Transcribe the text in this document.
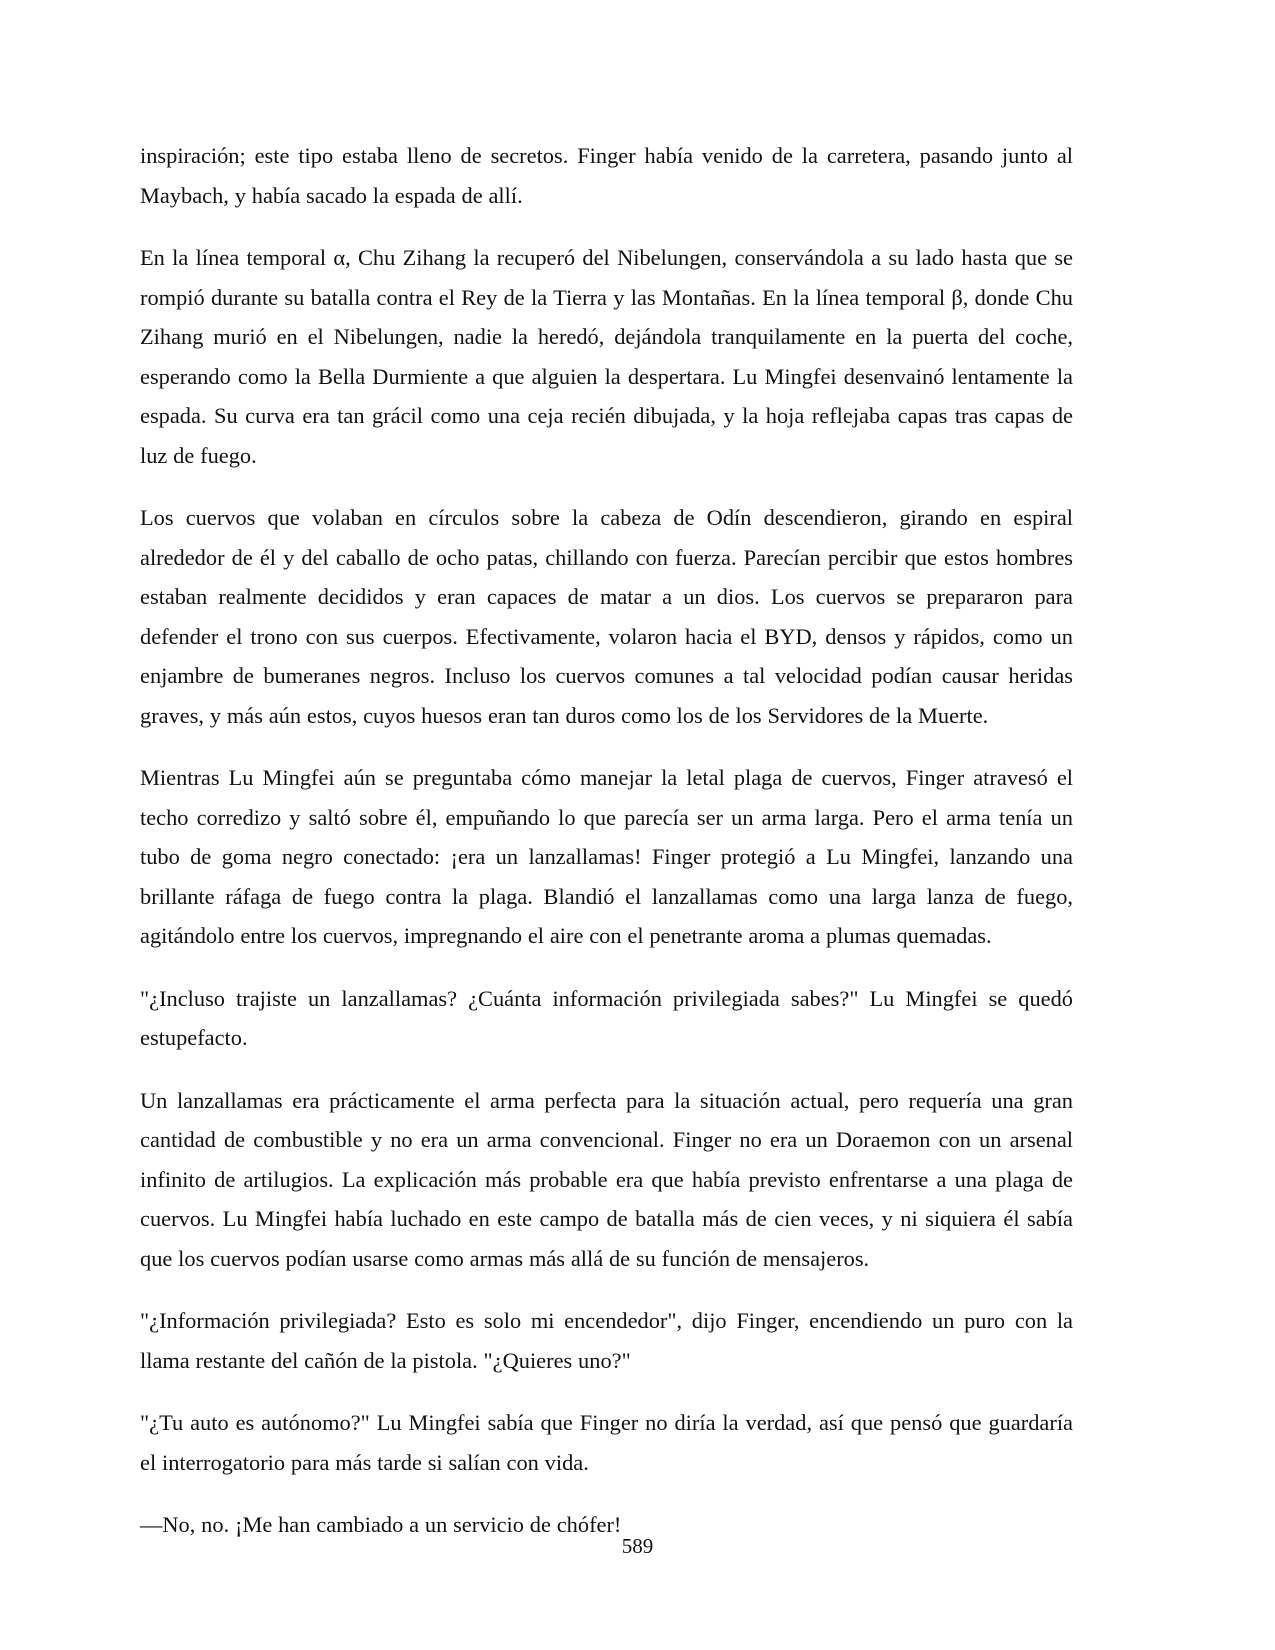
inspiración; este tipo estaba lleno de secretos. Finger había venido de la carretera, pasando junto al Maybach, y había sacado la espada de allí.

En la línea temporal α, Chu Zihang la recuperó del Nibelungen, conservándola a su lado hasta que se rompió durante su batalla contra el Rey de la Tierra y las Montañas. En la línea temporal β, donde Chu Zihang murió en el Nibelungen, nadie la heredó, dejándola tranquilamente en la puerta del coche, esperando como la Bella Durmiente a que alguien la despertara. Lu Mingfei desenvainó lentamente la espada. Su curva era tan grácil como una ceja recién dibujada, y la hoja reflejaba capas tras capas de luz de fuego.

Los cuervos que volaban en círculos sobre la cabeza de Odín descendieron, girando en espiral alrededor de él y del caballo de ocho patas, chillando con fuerza. Parecían percibir que estos hombres estaban realmente decididos y eran capaces de matar a un dios. Los cuervos se prepararon para defender el trono con sus cuerpos. Efectivamente, volaron hacia el BYD, densos y rápidos, como un enjambre de bumeranes negros. Incluso los cuervos comunes a tal velocidad podían causar heridas graves, y más aún estos, cuyos huesos eran tan duros como los de los Servidores de la Muerte.

Mientras Lu Mingfei aún se preguntaba cómo manejar la letal plaga de cuervos, Finger atravesó el techo corredizo y saltó sobre él, empuñando lo que parecía ser un arma larga. Pero el arma tenía un tubo de goma negro conectado: ¡era un lanzallamas! Finger protegió a Lu Mingfei, lanzando una brillante ráfaga de fuego contra la plaga. Blandió el lanzallamas como una larga lanza de fuego, agitándolo entre los cuervos, impregnando el aire con el penetrante aroma a plumas quemadas.

"¿Incluso trajiste un lanzallamas? ¿Cuánta información privilegiada sabes?" Lu Mingfei se quedó estupefacto.

Un lanzallamas era prácticamente el arma perfecta para la situación actual, pero requería una gran cantidad de combustible y no era un arma convencional. Finger no era un Doraemon con un arsenal infinito de artilugios. La explicación más probable era que había previsto enfrentarse a una plaga de cuervos. Lu Mingfei había luchado en este campo de batalla más de cien veces, y ni siquiera él sabía que los cuervos podían usarse como armas más allá de su función de mensajeros.

"¿Información privilegiada? Esto es solo mi encendedor", dijo Finger, encendiendo un puro con la llama restante del cañón de la pistola. "¿Quieres uno?"

"¿Tu auto es autónomo?" Lu Mingfei sabía que Finger no diría la verdad, así que pensó que guardaría el interrogatorio para más tarde si salían con vida.

—No, no. ¡Me han cambiado a un servicio de chófer!

589
